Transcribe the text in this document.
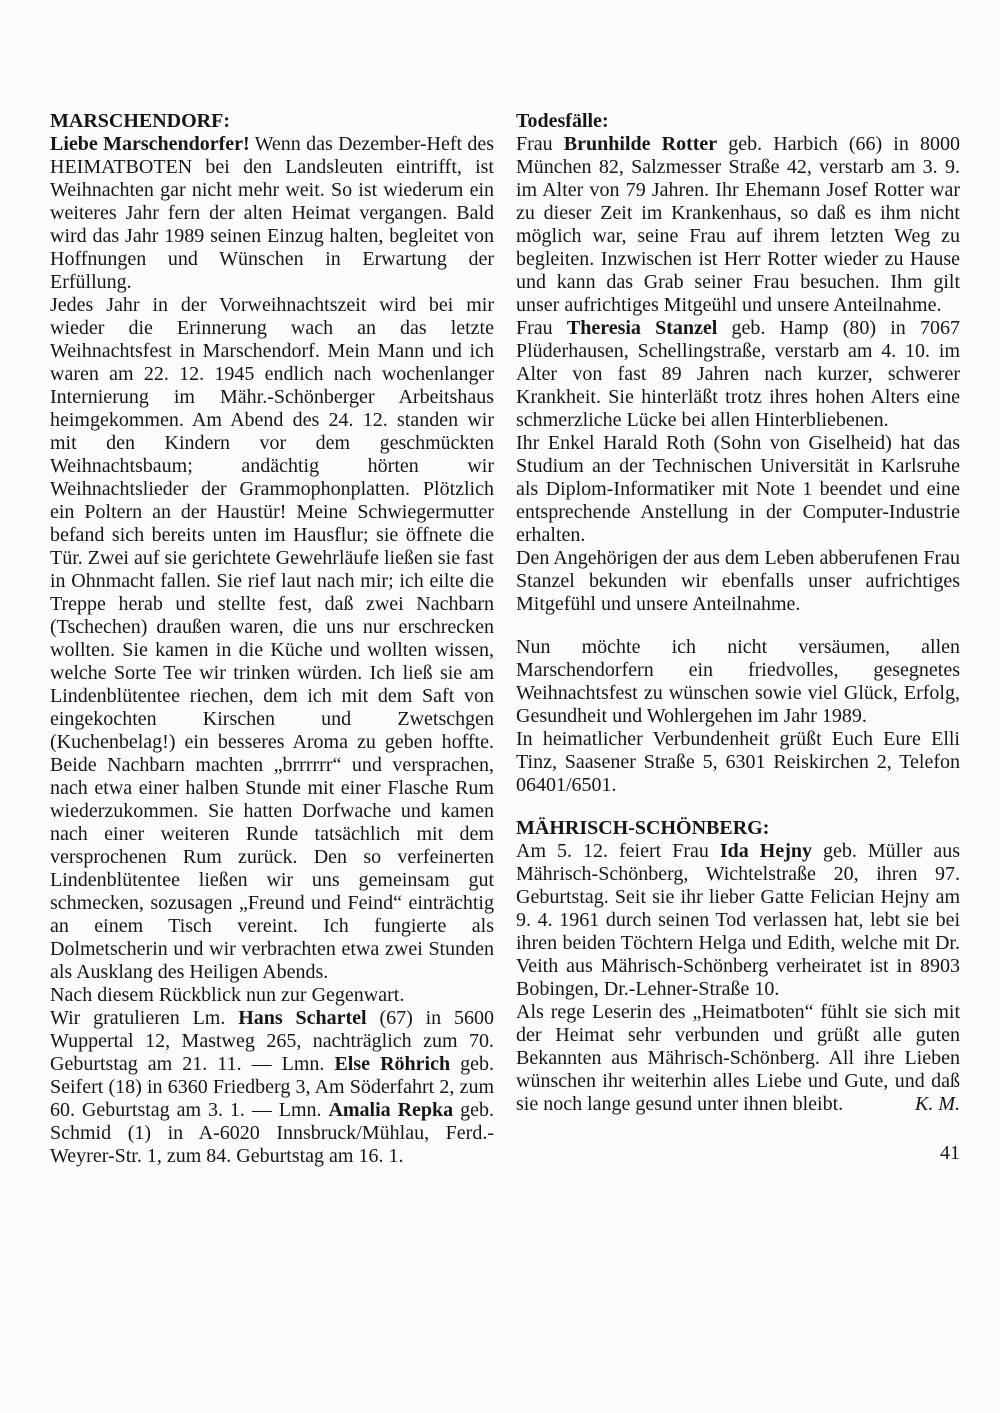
MARSCHENDORF:

Liebe Marschendorfer! Wenn das Dezember-Heft des HEIMATBOTEN bei den Landsleuten eintrifft, ist Weihnachten gar nicht mehr weit. So ist wiederum ein weiteres Jahr fern der alten Heimat vergangen. Bald wird das Jahr 1989 seinen Einzug halten, begleitet von Hoffnungen und Wünschen in Erwartung der Erfüllung.

Jedes Jahr in der Vorweihnachtszeit wird bei mir wieder die Erinnerung wach an das letzte Weihnachtsfest in Marschendorf. Mein Mann und ich waren am 22. 12. 1945 endlich nach wochenlanger Internierung im Mähr.-Schönberger Arbeitshaus heimgekommen. Am Abend des 24. 12. standen wir mit den Kindern vor dem geschmückten Weihnachtsbaum; andächtig hörten wir Weihnachtslieder der Grammophonplatten. Plötzlich ein Poltern an der Haustür! Meine Schwiegermutter befand sich bereits unten im Hausflur; sie öffnete die Tür. Zwei auf sie gerichtete Gewehrläufe ließen sie fast in Ohnmacht fallen. Sie rief laut nach mir; ich eilte die Treppe herab und stellte fest, daß zwei Nachbarn (Tschechen) draußen waren, die uns nur erschrecken wollten. Sie kamen in die Küche und wollten wissen, welche Sorte Tee wir trinken würden. Ich ließ sie am Lindenblütentee riechen, dem ich mit dem Saft von eingekochten Kirschen und Zwetschgen (Kuchenbelag!) ein besseres Aroma zu geben hoffte. Beide Nachbarn machten „brrrrrr“ und versprachen, nach etwa einer halben Stunde mit einer Flasche Rum wiederzukommen. Sie hatten Dorfwache und kamen nach einer weiteren Runde tatsächlich mit dem versprochenen Rum zurück. Den so verfeinerten Lindenblütentee ließen wir uns gemeinsam gut schmecken, sozusagen „Freund und Feind“ einträchtig an einem Tisch vereint. Ich fungierte als Dolmetscherin und wir verbrachten etwa zwei Stunden als Ausklang des Heiligen Abends.

Nach diesem Rückblick nun zur Gegenwart.

Wir gratulieren Lm. Hans Schartel (67) in 5600 Wuppertal 12, Mastweg 265, nachträglich zum 70. Geburtstag am 21. 11. — Lmn. Else Röhrich geb. Seifert (18) in 6360 Friedberg 3, Am Söderfahrt 2, zum 60. Geburtstag am 3. 1. — Lmn. Amalia Repka geb. Schmid (1) in A-6020 Innsbruck/Mühlau, Ferd.-Weyrer-Str. 1, zum 84. Geburtstag am 16. 1.

Todesfälle:

Frau Brunhilde Rotter geb. Harbich (66) in 8000 München 82, Salzmesser Straße 42, verstarb am 3. 9. im Alter von 79 Jahren. Ihr Ehemann Josef Rotter war zu dieser Zeit im Krankenhaus, so daß es ihm nicht möglich war, seine Frau auf ihrem letzten Weg zu begleiten. Inzwischen ist Herr Rotter wieder zu Hause und kann das Grab seiner Frau besuchen. Ihm gilt unser aufrichtiges Mitgeühl und unsere Anteilnahme.

Frau Theresia Stanzel geb. Hamp (80) in 7067 Plüderhausen, Schellingstraße, verstarb am 4. 10. im Alter von fast 89 Jahren nach kurzer, schwerer Krankheit. Sie hinterläßt trotz ihres hohen Alters eine schmerzliche Lücke bei allen Hinterbliebenen.

Ihr Enkel Harald Roth (Sohn von Giselheid) hat das Studium an der Technischen Universität in Karlsruhe als Diplom-Informatiker mit Note 1 beendet und eine entsprechende Anstellung in der Computer-Industrie erhalten.

Den Angehörigen der aus dem Leben abberufenen Frau Stanzel bekunden wir ebenfalls unser aufrichtiges Mitgefühl und unsere Anteilnahme.

Nun möchte ich nicht versäumen, allen Marschendorfern ein friedvolles, gesegnetes Weihnachtsfest zu wünschen sowie viel Glück, Erfolg, Gesundheit und Wohlergehen im Jahr 1989.

In heimatlicher Verbundenheit grüßt Euch Eure Elli Tinz, Saasener Straße 5, 6301 Reiskirchen 2, Telefon 06401/6501.

MÄHRISCH-SCHÖNBERG:

Am 5. 12. feiert Frau Ida Hejny geb. Müller aus Mährisch-Schönberg, Wichtelstraße 20, ihren 97. Geburtstag. Seit sie ihr lieber Gatte Felician Hejny am 9. 4. 1961 durch seinen Tod verlassen hat, lebt sie bei ihren beiden Töchtern Helga und Edith, welche mit Dr. Veith aus Mährisch-Schönberg verheiratet ist in 8903 Bobingen, Dr.-Lehner-Straße 10.

Als rege Leserin des „Heimatboten“ fühlt sie sich mit der Heimat sehr verbunden und grüßt alle guten Bekannten aus Mährisch-Schönberg. All ihre Lieben wünschen ihr weiterhin alles Liebe und Gute, und daß sie noch lange gesund unter ihnen bleibt.	K. M.

41
